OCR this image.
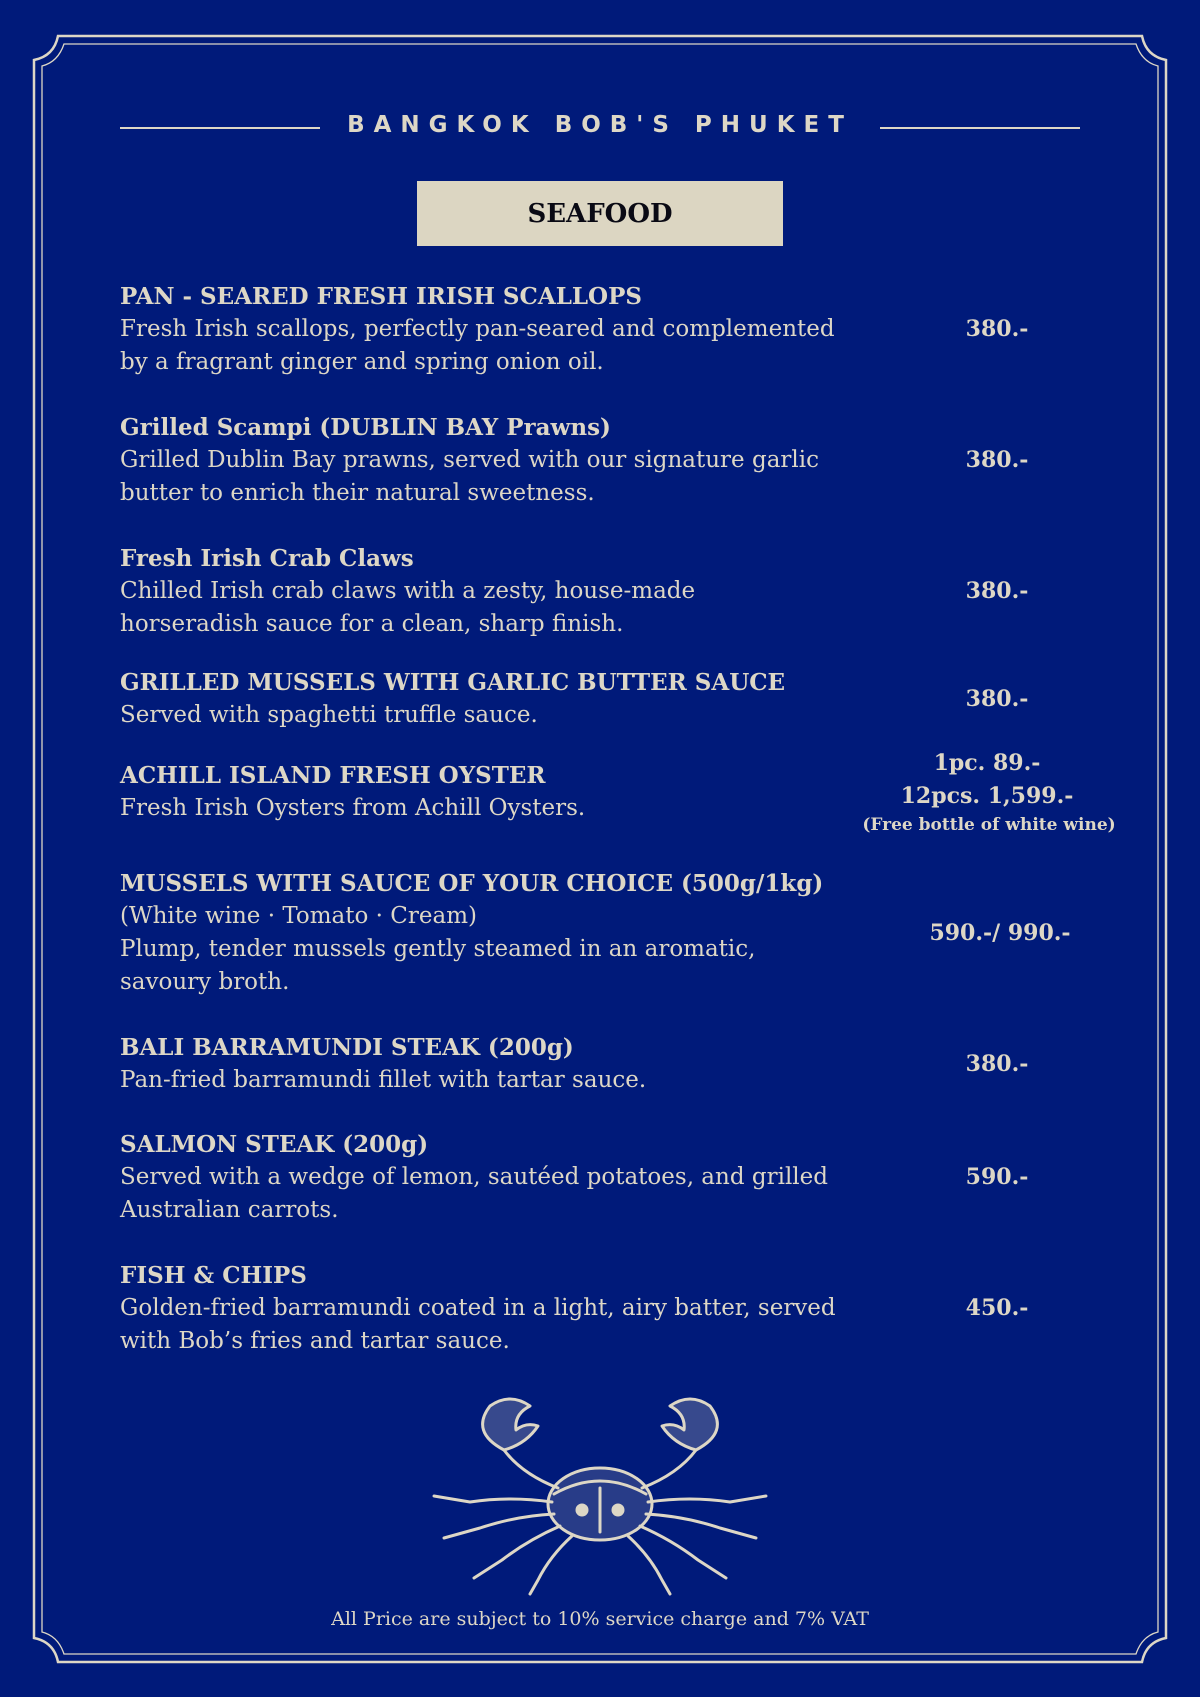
BANGKOK BOB'S PHUKET
SEAFOOD
PAN - SEARED FRESH IRISH SCALLOPS
Fresh Irish scallops, perfectly pan-seared and complemented
by a fragrant ginger and spring onion oil.
380.-
Grilled Scampi (DUBLIN BAY Prawns)
Grilled Dublin Bay prawns, served with our signature garlic
butter to enrich their natural sweetness.
380.-
Fresh Irish Crab Claws
Chilled Irish crab claws with a zesty, house-made
horseradish sauce for a clean, sharp finish.
380.-
GRILLED MUSSELS WITH GARLIC BUTTER SAUCE
Served with spaghetti truffle sauce.
380.-
ACHILL ISLAND FRESH OYSTER
Fresh Irish Oysters from Achill Oysters.
1pc. 89.-
12pcs. 1,599.-
(Free bottle of white wine)
MUSSELS WITH SAUCE OF YOUR CHOICE (500g/1kg)
(White wine · Tomato · Cream)
Plump, tender mussels gently steamed in an aromatic,
savoury broth.
590.-/ 990.-
BALI BARRAMUNDI STEAK (200g)
Pan-fried barramundi fillet with tartar sauce.
380.-
SALMON STEAK (200g)
Served with a wedge of lemon, sautéed potatoes, and grilled
Australian carrots.
590.-
FISH & CHIPS
Golden-fried barramundi coated in a light, airy batter, served
with Bob’s fries and tartar sauce.
450.-
All Price are subject to 10% service charge and 7% VAT
